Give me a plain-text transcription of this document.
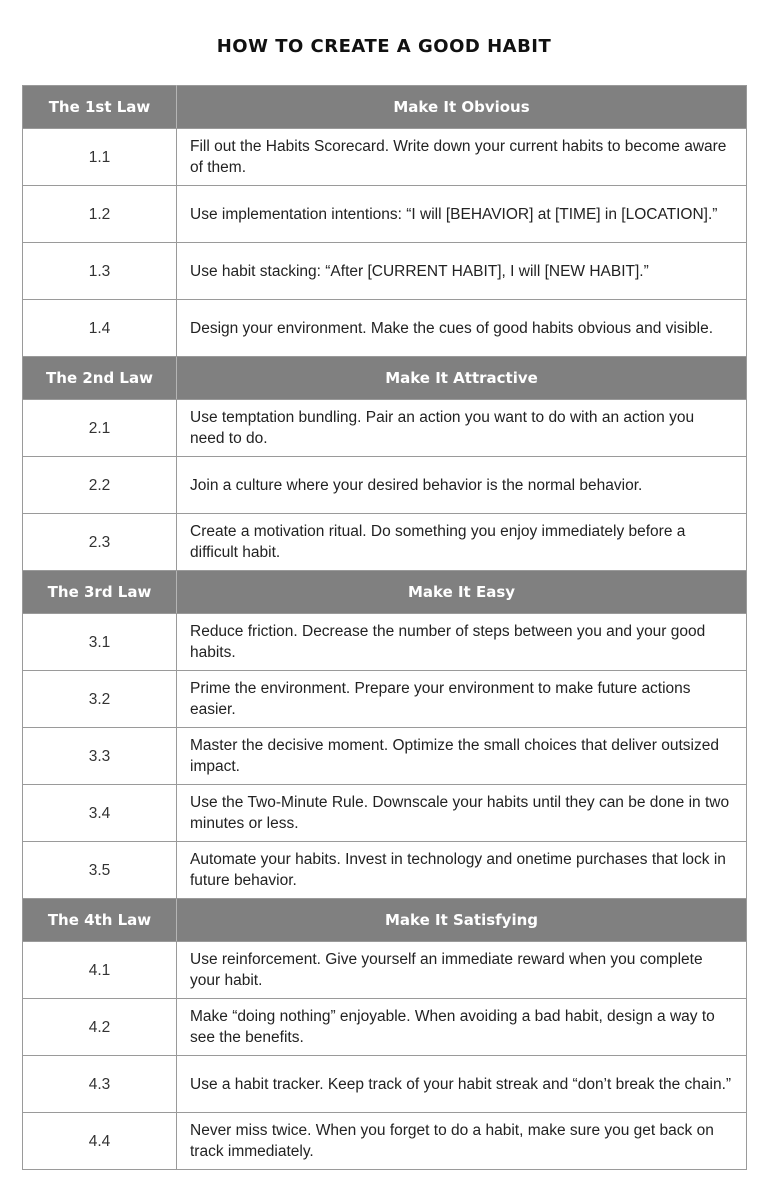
HOW TO CREATE A GOOD HABIT
The 1st Law	Make It Obvious
1.1	Fill out the Habits Scorecard. Write down your current habits to become aware of them.
1.2	Use implementation intentions: “I will [BEHAVIOR] at [TIME] in [LOCATION].”
1.3	Use habit stacking: “After [CURRENT HABIT], I will [NEW HABIT].”
1.4	Design your environment. Make the cues of good habits obvious and visible.
The 2nd Law	Make It Attractive
2.1	Use temptation bundling. Pair an action you want to do with an action you need to do.
2.2	Join a culture where your desired behavior is the normal behavior.
2.3	Create a motivation ritual. Do something you enjoy immediately before a difficult habit.
The 3rd Law	Make It Easy
3.1	Reduce friction. Decrease the number of steps between you and your good habits.
3.2	Prime the environment. Prepare your environment to make future actions easier.
3.3	Master the decisive moment. Optimize the small choices that deliver outsized impact.
3.4	Use the Two-Minute Rule. Downscale your habits until they can be done in two minutes or less.
3.5	Automate your habits. Invest in technology and onetime purchases that lock in future behavior.
The 4th Law	Make It Satisfying
4.1	Use reinforcement. Give yourself an immediate reward when you complete your habit.
4.2	Make “doing nothing” enjoyable. When avoiding a bad habit, design a way to see the benefits.
4.3	Use a habit tracker. Keep track of your habit streak and “don’t break the chain.”
4.4	Never miss twice. When you forget to do a habit, make sure you get back on track immediately.
